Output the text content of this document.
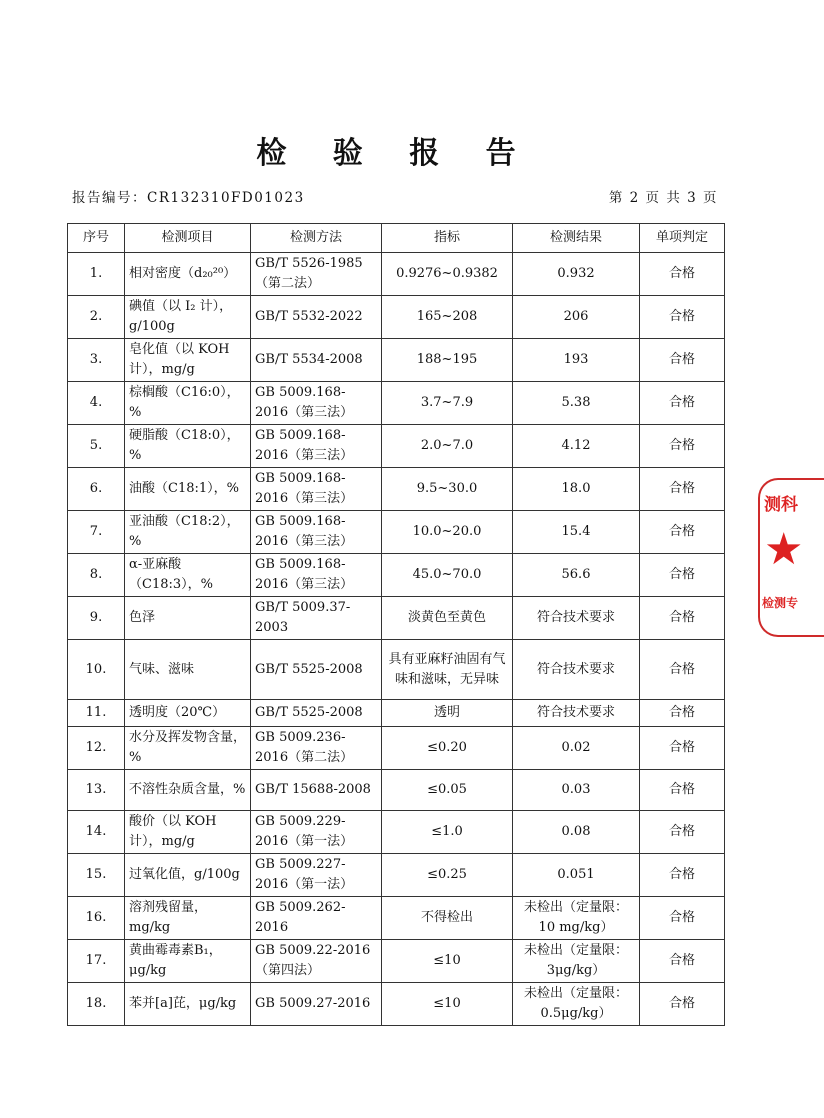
检 验 报 告
报告编号：CR132310FD01023	第 2 页 共 3 页
序号	检测项目	检测方法	指标	检测结果	单项判定
1.	相对密度（d₂₀²⁰）	GB/T 5526-1985（第二法）	0.9276~0.9382	0.932	合格
2.	碘值（以 I₂ 计），g/100g	GB/T 5532-2022	165~208	206	合格
3.	皂化值（以 KOH 计），mg/g	GB/T 5534-2008	188~195	193	合格
4.	棕榈酸（C16:0），%	GB 5009.168-2016（第三法）	3.7~7.9	5.38	合格
5.	硬脂酸（C18:0），%	GB 5009.168-2016（第三法）	2.0~7.0	4.12	合格
6.	油酸（C18:1），%	GB 5009.168-2016（第三法）	9.5~30.0	18.0	合格
7.	亚油酸（C18:2），%	GB 5009.168-2016（第三法）	10.0~20.0	15.4	合格
8.	α-亚麻酸（C18:3），%	GB 5009.168-2016（第三法）	45.0~70.0	56.6	合格
9.	色泽	GB/T 5009.37-2003	淡黄色至黄色	符合技术要求	合格
10.	气味、滋味	GB/T 5525-2008	具有亚麻籽油固有气味和滋味，无异味	符合技术要求	合格
11.	透明度（20℃）	GB/T 5525-2008	透明	符合技术要求	合格
12.	水分及挥发物含量，%	GB 5009.236-2016（第二法）	≤0.20	0.02	合格
13.	不溶性杂质含量，%	GB/T 15688-2008	≤0.05	0.03	合格
14.	酸价（以 KOH 计），mg/g	GB 5009.229-2016（第一法）	≤1.0	0.08	合格
15.	过氧化值，g/100g	GB 5009.227-2016（第一法）	≤0.25	0.051	合格
16.	溶剂残留量，mg/kg	GB 5009.262-2016	不得检出	未检出（定量限：10 mg/kg）	合格
17.	黄曲霉毒素B₁，μg/kg	GB 5009.22-2016（第四法）	≤10	未检出（定量限：3μg/kg）	合格
18.	苯并[a]芘，μg/kg	GB 5009.27-2016	≤10	未检出（定量限：0.5μg/kg）	合格
测科
★
检测专
